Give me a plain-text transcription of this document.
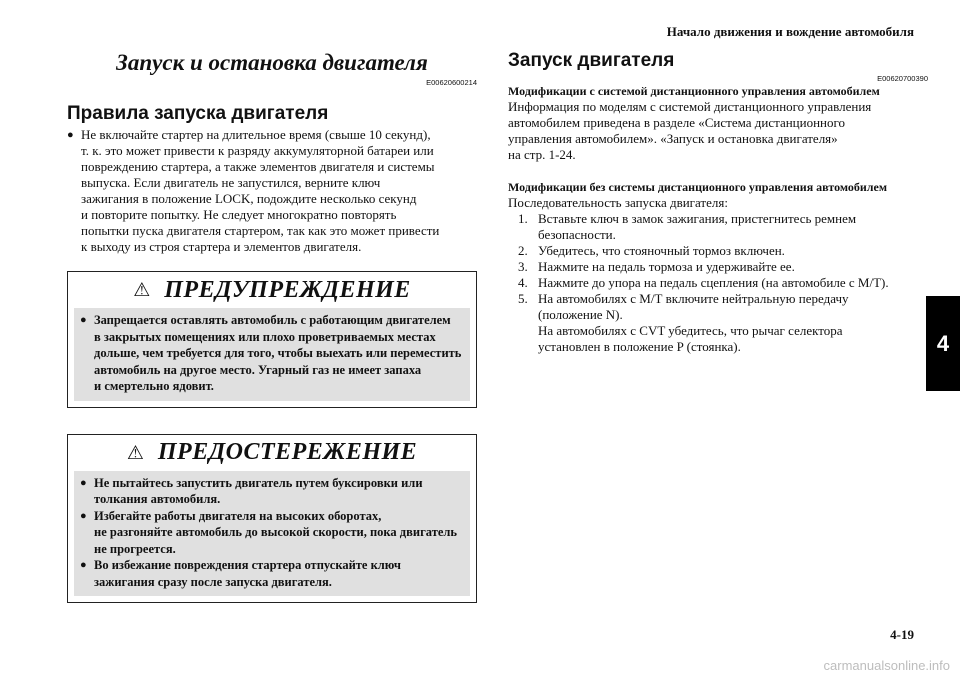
Начало движения и вождение автомобиля
4
Запуск и остановка двигателя
E00620600214
Правила запуска двигателя
● Не включайте стартер на длительное время (свыше 10 секунд),
т. к. это может привести к разряду аккумуляторной батареи или
повреждению стартера, а также элементов двигателя и системы
выпуска. Если двигатель не запустился, верните ключ
зажигания в положение LOCK, подождите несколько секунд
и повторите попытку. Не следует многократно повторять
попытки пуска двигателя стартером, так как это может привести
к выходу из строя стартера и элементов двигателя.
⚠ ПРЕДУПРЕЖДЕНИЕ
● Запрещается оставлять автомобиль с работающим двигателем
в закрытых помещениях или плохо проветриваемых местах
дольше, чем требуется для того, чтобы выехать или переместить
автомобиль на другое место. Угарный газ не имеет запаха
и смертельно ядовит.
⚠ ПРЕДОСТЕРЕЖЕНИЕ
● Не пытайтесь запустить двигатель путем буксировки или
толкания автомобиля.
● Избегайте работы двигателя на высоких оборотах,
не разгоняйте автомобиль до высокой скорости, пока двигатель
не прогреется.
● Во избежание повреждения стартера отпускайте ключ
зажигания сразу после запуска двигателя.
Запуск двигателя
E00620700390
Модификации с системой дистанционного управления автомобилем
Информация по моделям с системой дистанционного управления
автомобилем приведена в разделе «Система дистанционного
управления автомобилем». «Запуск и остановка двигателя»
на стр. 1-24.
Модификации без системы дистанционного управления автомобилем
Последовательность запуска двигателя:
1. Вставьте ключ в замок зажигания, пристегнитесь ремнем
безопасности.
2. Убедитесь, что стояночный тормоз включен.
3. Нажмите на педаль тормоза и удерживайте ее.
4. Нажмите до упора на педаль сцепления (на автомобиле с М/Т).
5. На автомобилях с М/Т включите нейтральную передачу
(положение N).
На автомобилях с CVT убедитесь, что рычаг селектора
установлен в положение P (стоянка).
4-19
carmanualsonline.info
